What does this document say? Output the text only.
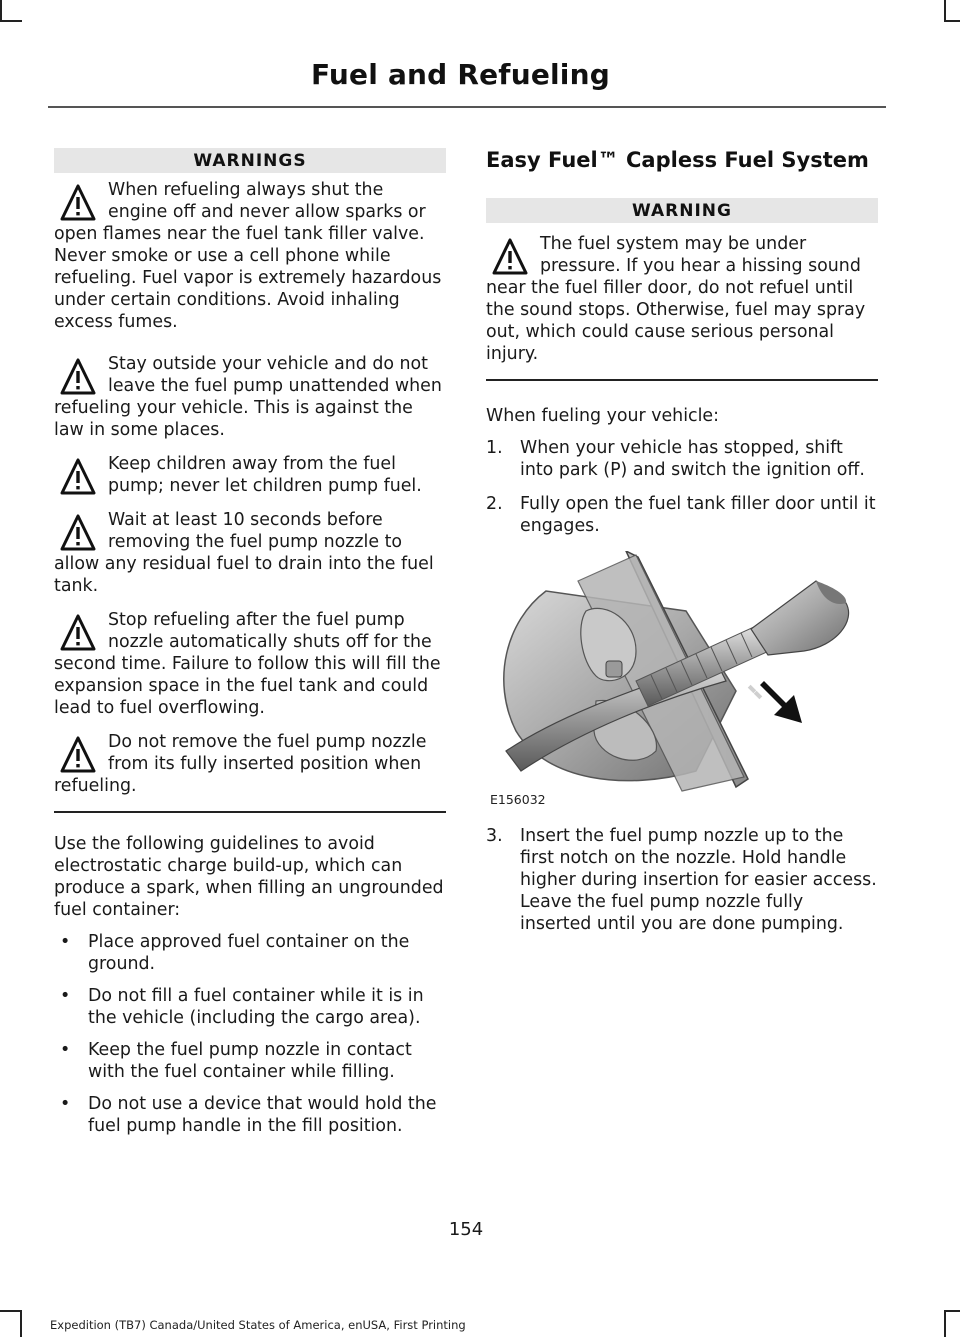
Fuel and Refueling
WARNINGS
When refueling always shut the engine off and never allow sparks or open flames near the fuel tank filler valve. Never smoke or use a cell phone while refueling. Fuel vapor is extremely hazardous under certain conditions. Avoid inhaling excess fumes.
Stay outside your vehicle and do not leave the fuel pump unattended when refueling your vehicle. This is against the law in some places.
Keep children away from the fuel pump; never let children pump fuel.
Wait at least 10 seconds before removing the fuel pump nozzle to allow any residual fuel to drain into the fuel tank.
Stop refueling after the fuel pump nozzle automatically shuts off for the second time. Failure to follow this will fill the expansion space in the fuel tank and could lead to fuel overflowing.
Do not remove the fuel pump nozzle from its fully inserted position when refueling.

Use the following guidelines to avoid electrostatic charge build-up, which can produce a spark, when filling an ungrounded fuel container:

• Place approved fuel container on the ground.
• Do not fill a fuel container while it is in the vehicle (including the cargo area).
• Keep the fuel pump nozzle in contact with the fuel container while filling.
• Do not use a device that would hold the fuel pump handle in the fill position.
Easy Fuel™ Capless Fuel System
WARNING
The fuel system may be under pressure. If you hear a hissing sound near the fuel filler door, do not refuel until the sound stops. Otherwise, fuel may spray out, which could cause serious personal injury.

When fueling your vehicle:

1. When your vehicle has stopped, shift into park (P) and switch the ignition off.
2. Fully open the fuel tank filler door until it engages.
E156032
3. Insert the fuel pump nozzle up to the first notch on the nozzle. Hold handle higher during insertion for easier access. Leave the fuel pump nozzle fully inserted until you are done pumping.
154
Expedition (TB7) Canada/United States of America, enUSA, First Printing
